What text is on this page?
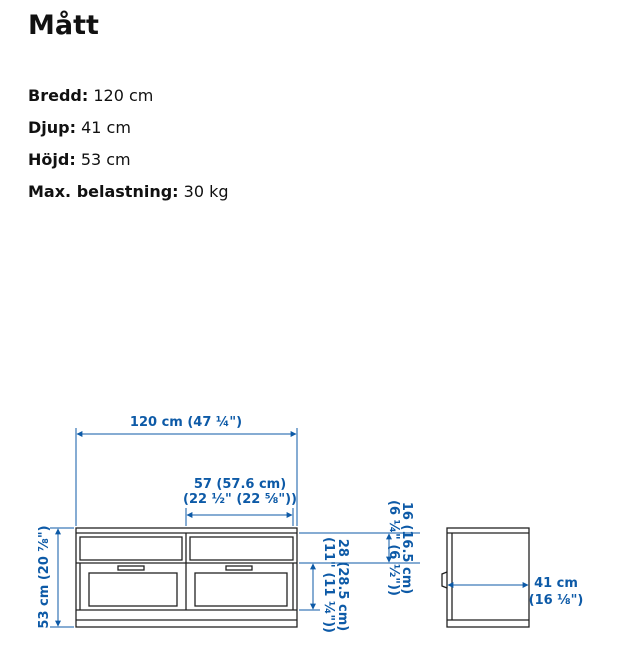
Mått
Bredd: 120 cm
Djup: 41 cm
Höjd: 53 cm
Max. belastning: 30 kg
120 cm (47 ¼")
57 (57.6 cm)
(22 ½" (22 ⅝"))
53 cm (20 ⅞")	16 (16.5 cm)
(6 ¼" (6 ½"))
28 (28.5 cm)
(11" (11 ¼"))	41 cm
(16 ⅛")
